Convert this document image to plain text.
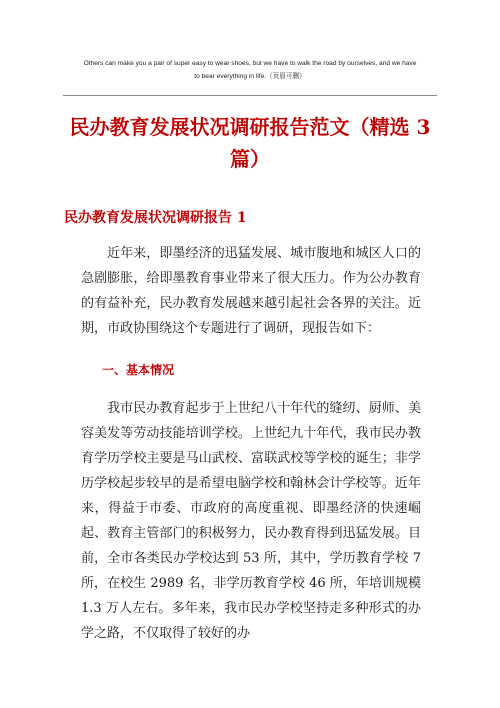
Others can make you a pair of super easy to wear shoes, but we have to walk the road by ourselves, and we have
to bear everything in life.（页眉可删）
民办教育发展状况调研报告范文（精选 3
篇）
民办教育发展状况调研报告 1

近年来，即墨经济的迅猛发展、城市腹地和城区人口的急剧膨胀，给即墨教育事业带来了很大压力。作为公办教育的有益补充，民办教育发展越来越引起社会各界的关注。近期，市政协围绕这个专题进行了调研，现报告如下：

一、基本情况

我市民办教育起步于上世纪八十年代的缝纫、厨师、美容美发等劳动技能培训学校。上世纪九十年代，我市民办教育学历学校主要是马山武校、富联武校等学校的诞生；非学历学校起步较早的是希望电脑学校和翰林会计学校等。近年来，得益于市委、市政府的高度重视、即墨经济的快速崛起、教育主管部门的积极努力，民办教育得到迅猛发展。目前，全市各类民办学校达到 53 所，其中，学历教育学校 7 所，在校生 2989 名，非学历教育学校 46 所，年培训规模 1.3 万人左右。多年来，我市民办学校坚持走多种形式的办学之路，不仅取得了较好的办
